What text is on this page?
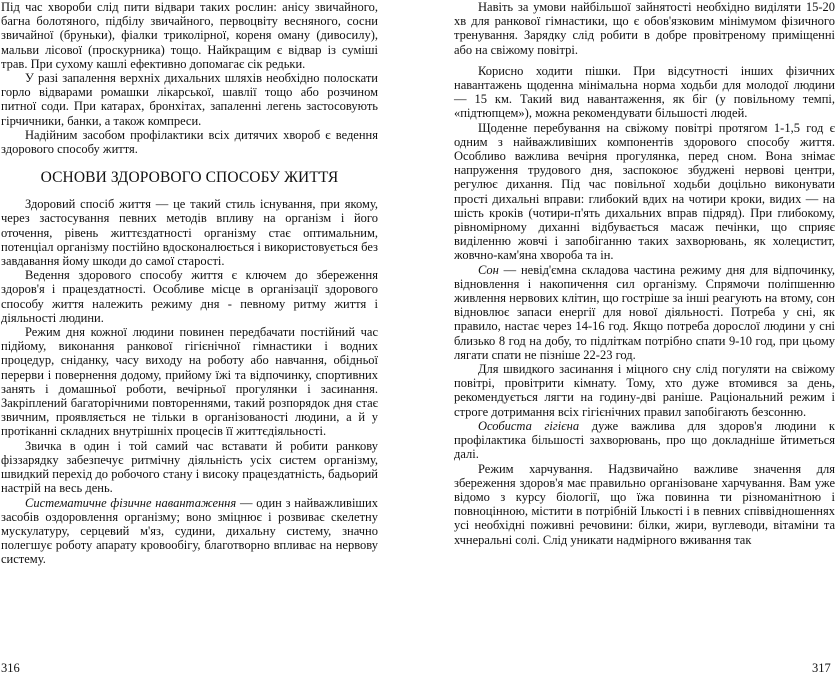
Під час хвороби слід пити відвари таких рослин: анісу звичайного, багна болотяного, підбілу звичайного, первоцвіту весняного, сосни звичайної (бруньки), фіалки триколірної, кореня оману (дивосилу), мальви лісової (проскурника) тощо. Найкращим є відвар із суміші трав. При сухому кашлі ефективно допомагає сік редьки.

У разі запалення верхніх дихальних шляхів необхідно полоскати горло відварами ромашки лікарської, шавлії тощо або розчином питної соди. При катарах, бронхітах, запаленні легень застосовують гірчичники, банки, а також компреси.

Надійним засобом профілактики всіх дитячих хвороб є ведення здорового способу життя.

ОСНОВИ ЗДОРОВОГО СПОСОБУ ЖИТТЯ

Здоровий спосіб життя — це такий стиль існування, при якому, через застосування певних методів впливу на організм і його оточення, рівень життєздатності організму стає оптимальним, потенціал організму постійно вдосконалюється і використовується без завдавання йому шкоди до самої старості.

Ведення здорового способу життя є ключем до збереження здоров'я і працездатності. Особливе місце в організації здорового способу життя належить режиму дня - певному ритму життя і діяльності людини.

Режим дня кожної людини повинен передбачати постійний час підйому, виконання ранкової гігієнічної гімнастики і водних процедур, сніданку, часу виходу на роботу або навчання, обідньої перерви і повернення додому, прийому їжі та відпочинку, спортивних занять і домашньої роботи, вечірньої прогулянки і засинання. Закріплений багаторічними повтореннями, такий розпорядок дня стає звичним, проявляється не тільки в організованості людини, а й у протіканні складних внутрішніх процесів її життєдіяльності.

Звичка в один і той самий час вставати й робити ранкову фіззарядку забезпечує ритмічну діяльність усіх систем організму, швидкий перехід до робочого стану і високу працездатність, бадьорий настрій на весь день.

Систематичне фізичне навантаження — один з найважливіших засобів оздоровлення організму; воно зміцнює і розвиває скелетну мускулатуру, серцевий м'яз, судини, дихальну систему, значно полегшує роботу апарату кровообігу, благотворно впливає на нервову систему.

Навіть за умови найбільшої зайнятості необхідно виділяти 15-20 хв для ранкової гімнастики, що є обов'язковим мінімумом фізичного тренування. Зарядку слід робити в добре провітреному приміщенні або на свіжому повітрі.

Корисно ходити пішки. При відсутності інших фізичних навантажень щоденна мінімальна норма ходьби для молодої людини — 15 км. Такий вид навантаження, як біг (у повільному темпі, «підтюпцем»), можна рекомендувати більшості людей.

Щоденне перебування на свіжому повітрі протягом 1-1,5 год є одним з найважливіших компонентів здорового способу життя. Особливо важлива вечірня прогулянка, перед сном. Вона знімає напруження трудового дня, заспокоює збуджені нервові центри, регулює дихання. Під час повільної ходьби доцільно виконувати прості дихальні вправи: глибокий вдих на чотири кроки, видих — на шість кроків (чотири-п'ять дихальних вправ підряд). При глибокому, рівномірному диханні відбувається масаж печінки, що сприяє виділенню жовчі і запобіганню таких захворювань, як холецистит, жовчно-кам'яна хвороба та ін.

Сон — невід'ємна складова частина режиму дня для відпочинку, відновлення і накопичення сил організму. Спрямочи поліпшенню живлення нервових клітин, що гостріше за інші реагують на втому, сон відновлює запаси енергії для нової діяльності. Потреба у сні, як правило, настає через 14-16 год. Якщо потреба дорослої людини у сні близько 8 год на добу, то підліткам потрібно спати 9-10 год, при цьому лягати спати не пізніше 22-23 год.

Для швидкого засинання і міцного сну слід погуляти на свіжому повітрі, провітрити кімнату. Тому, хто дуже втомився за день, рекомендується лягти на годину-дві раніше. Раціональний режим і строге дотримання всіх гігієнічних правил запобігають безсонню.

Особиста гігієна дуже важлива для здоров'я людини к профілактика більшості захворювань, про що докладніше йтиметься далі.

Режим харчування. Надзвичайно важливе значення для збереження здоров'я має правильно організоване харчування. Вам уже відомо з курсу біології, що їжа повинна ти різноманітною і повноцінною, містити в потрібній Ількості і в певних співвідношеннях усі необхідні поживні речовини: білки, жири, вуглеводи, вітаміни та хчнеральні солі. Слід уникати надмірного вживання так

316	317
